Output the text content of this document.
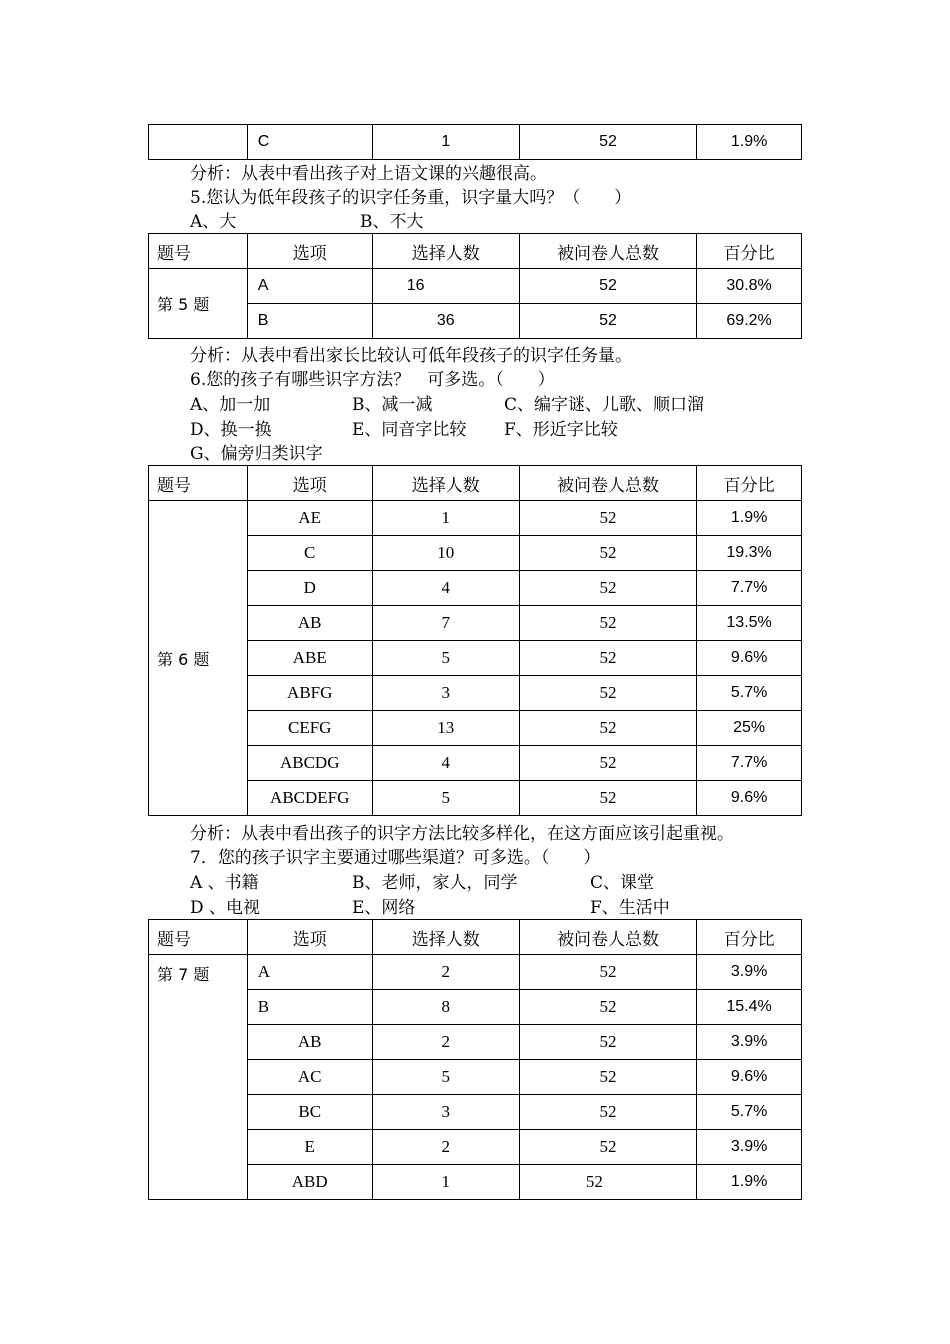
	C	1	52	1.9%
分析：从表中看出孩子对上语文课的兴趣很高。
5.您认为低年段孩子的识字任务重，识字量大吗？（　　）
A、大	B、不大
题号	选项	选择人数	被问卷人总数	百分比
第 5 题	A	16	52	30.8%
	B	36	52	69.2%
分析：从表中看出家长比较认可低年段孩子的识字任务量。
6.您的孩子有哪些识字方法？　可多选。（　　）
A、加一加	B、减一减	C、编字谜、儿歌、顺口溜
D、换一换	E、同音字比较 F、形近字比较
G、偏旁归类识字
题号	选项	选择人数	被问卷人总数	百分比
第 6 题	AE	1	52	1.9%
	C	10	52	19.3%
	D	4	52	7.7%
	AB	7	52	13.5%
	ABE	5	52	9.6%
	ABFG	3	52	5.7%
	CEFG	13	52	25%
	ABCDG	4	52	7.7%
	ABCDEFG	5	52	9.6%
分析：从表中看出孩子的识字方法比较多样化，在这方面应该引起重视。
7．您的孩子识字主要通过哪些渠道？可多选。（　　）
A 、书籍	B、老师，家人，同学	C、课堂
D 、电视	E、网络	F、生活中
题号	选项	选择人数	被问卷人总数	百分比
第 7 题	A	2	52	3.9%
	B	8	52	15.4%
	AB	2	52	3.9%
	AC	5	52	9.6%
	BC	3	52	5.7%
	E	2	52	3.9%
	ABD	1	52	1.9%
